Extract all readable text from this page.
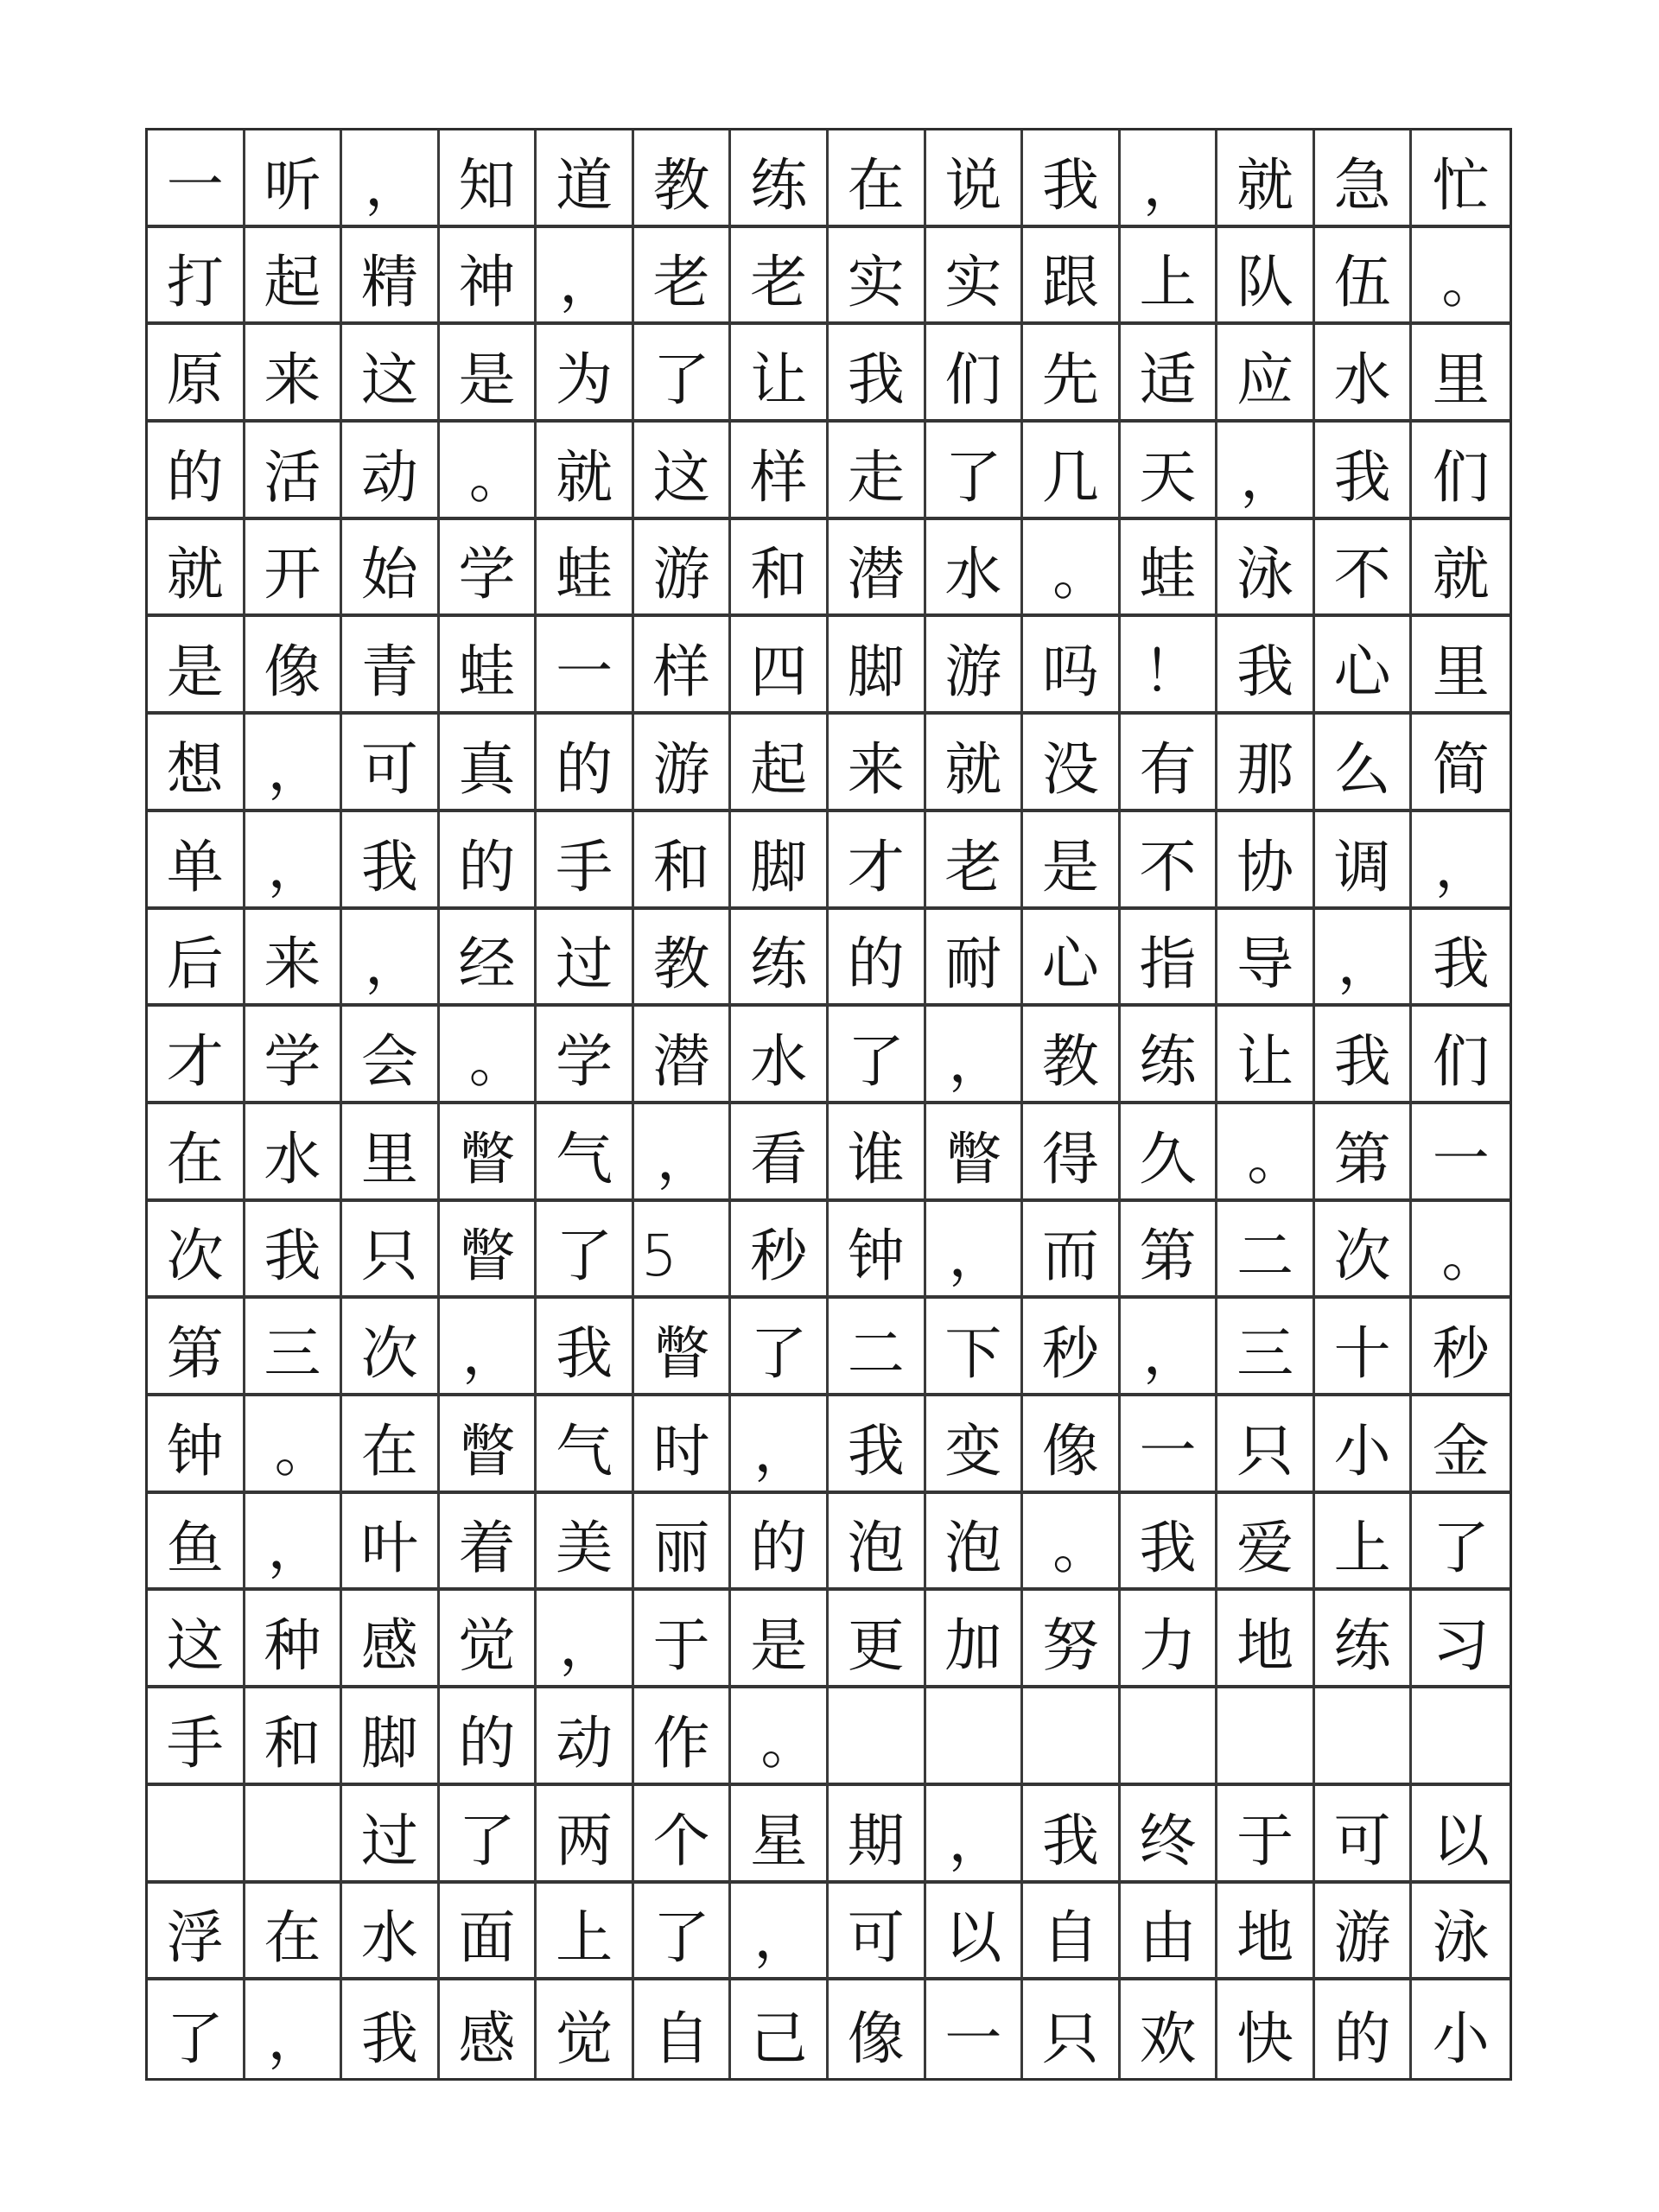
一 听 ， 知 道 教 练 在 说 我 ， 就 急 忙
打 起 精 神 ， 老 老 实 实 跟 上 队 伍 。
原 来 这 是 为 了 让 我 们 先 适 应 水 里
的 活 动 。 就 这 样 走 了 几 天 ， 我 们
就 开 始 学 蛙 游 和 潜 水 。 蛙 泳 不 就
是 像 青 蛙 一 样 四 脚 游 吗 ！ 我 心 里
想 ， 可 真 的 游 起 来 就 没 有 那 么 简
单 ， 我 的 手 和 脚 才 老 是 不 协 调 ，
后 来 ， 经 过 教 练 的 耐 心 指 导 ， 我
才 学 会 。 学 潜 水 了 ， 教 练 让 我 们
在 水 里 瞥 气 ， 看 谁 瞥 得 久 。 第 一
次 我 只 瞥 了 5	秒 钟 ， 而 第 二 次 。
第 三 次 ， 我 瞥 了 二 下 秒 ， 三 十 秒
钟 。 在 瞥 气 时 ， 我 变 像 一 只 小 金
鱼 ， 叶 着 美 丽 的 泡 泡 。 我 爱 上 了
这 种 感 觉 ， 于 是 更 加 努 力 地 练 习
手 和 脚 的 动 作 。
过 了 两 个 星 期 ， 我 终 于 可 以
浮 在 水 面 上 了 ， 可 以 自 由 地 游 泳
了 ， 我 感 觉 自 己 像 一 只 欢 快 的 小
